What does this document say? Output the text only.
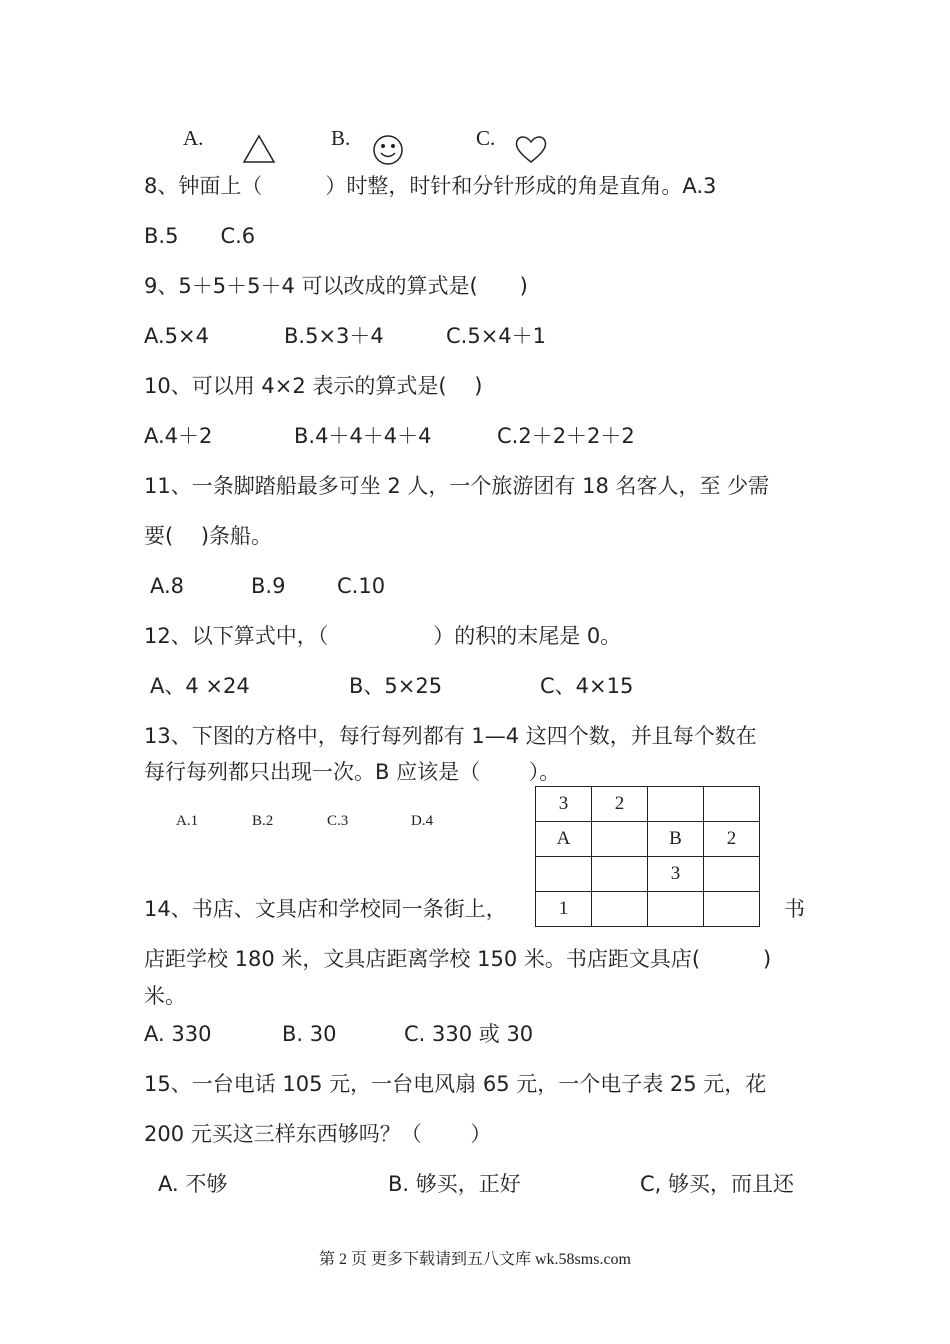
A.	B.	C.
8、钟面上（　　　）时整，时针和分针形成的角是直角。A.3
B.5　　C.6
9、5＋5＋5＋4 可以改成的算式是(　　)
A.5×4	B.5×3＋4	C.5×4＋1
10、可以用 4×2 表示的算式是(　 )
A.4＋2	B.4＋4＋4＋4	C.2＋2＋2＋2
11、一条脚踏船最多可坐 2 人，一个旅游团有 18 名客人，至 少需
要(　 )条船。
A.8	B.9 C.10
12、以下算式中，（　　　　　）的积的末尾是 0。
A、4 ×24	B、5×25	C、4×15
13、下图的方格中，每行每列都有 1—4 这四个数，并且每个数在
每行每列都只出现一次。B 应该是（　　 ）。
A.1	B.2	C.3	D.4
3	2		
A		B	2
		3	
1			
14、书店、文具店和学校同一条街上，	书
店距学校 180 米，文具店距离学校 150 米。书店距文具店(　　　)
米。
A. 330	B. 30	C. 330 或 30
15、一台电话 105 元，一台电风扇 65 元，一个电子表 25 元，花
200 元买这三样东西够吗？（　　 ）
A. 不够	B. 够买，正好	C, 够买，而且还
第 2 页 更多下载请到五八文库 wk.58sms.com
